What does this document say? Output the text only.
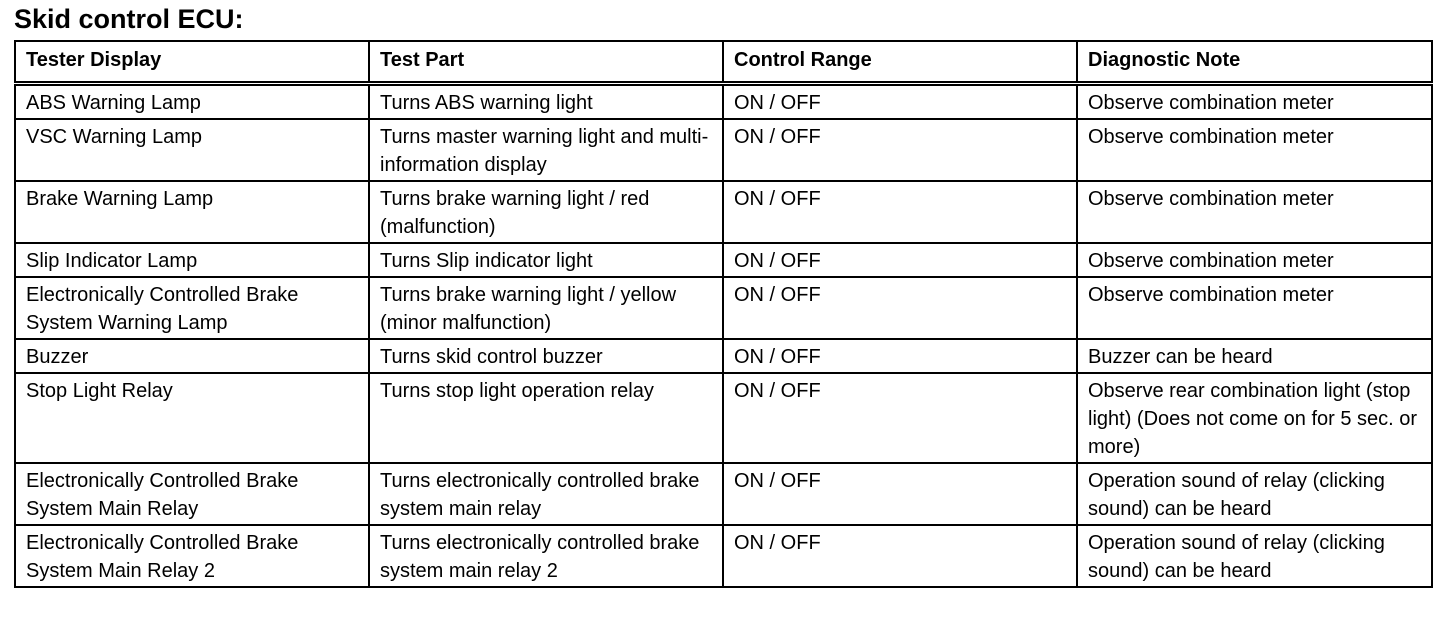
Skid control ECU:
Tester Display	Test Part	Control Range	Diagnostic Note
ABS Warning Lamp	Turns ABS warning light	ON / OFF	Observe combination meter
VSC Warning Lamp	Turns master warning light and multi-information display	ON / OFF	Observe combination meter
Brake Warning Lamp	Turns brake warning light / red (malfunction)	ON / OFF	Observe combination meter
Slip Indicator Lamp	Turns Slip indicator light	ON / OFF	Observe combination meter
Electronically Controlled Brake System Warning Lamp	Turns brake warning light / yellow (minor malfunction)	ON / OFF	Observe combination meter
Buzzer	Turns skid control buzzer	ON / OFF	Buzzer can be heard
Stop Light Relay	Turns stop light operation relay	ON / OFF	Observe rear combination light (stop light) (Does not come on for 5 sec. or more)
Electronically Controlled Brake System Main Relay	Turns electronically controlled brake system main relay	ON / OFF	Operation sound of relay (clicking sound) can be heard
Electronically Controlled Brake System Main Relay 2	Turns electronically controlled brake system main relay 2	ON / OFF	Operation sound of relay (clicking sound) can be heard
